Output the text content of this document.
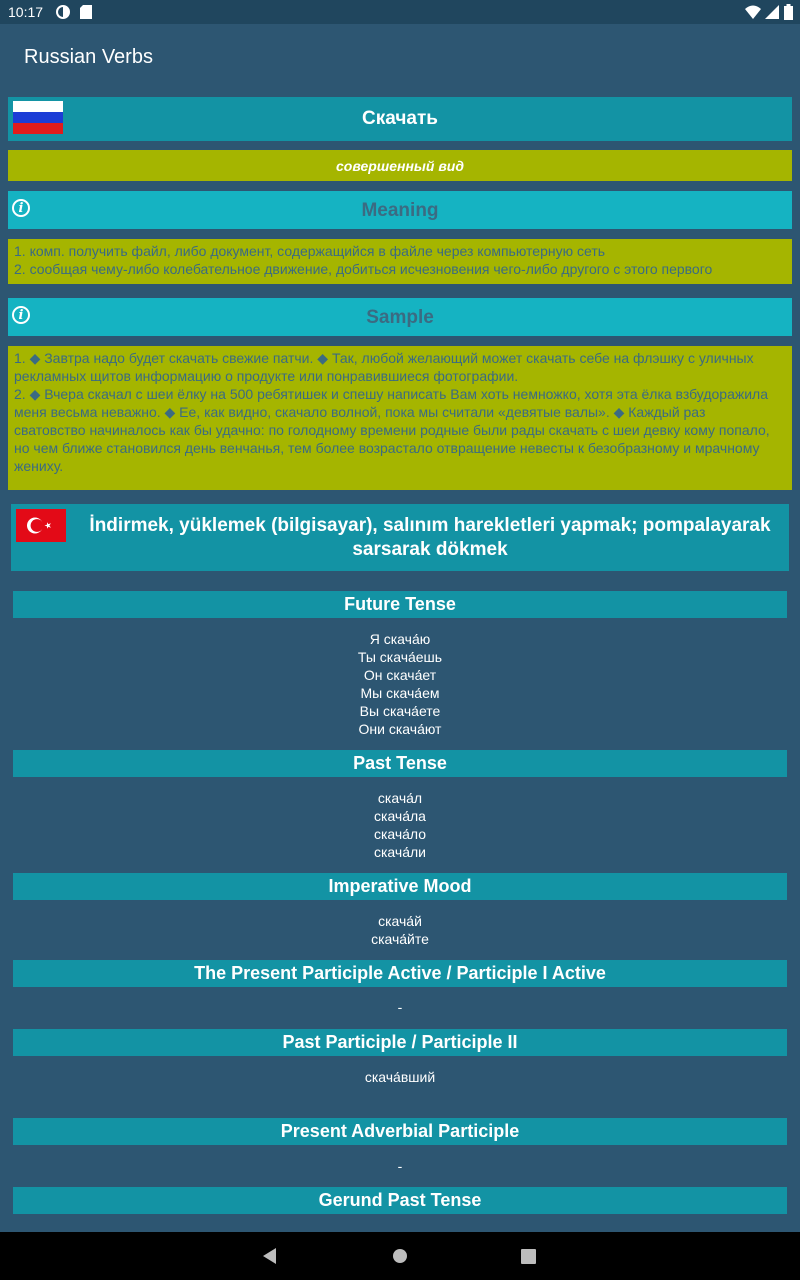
10:17
Russian Verbs
Скачать
совершенный вид
i	Meaning
1. комп. получить файл, либо документ, содержащийся в файле через компьютерную сеть
2. сообщая чему-либо колебательное движение, добиться исчезновения чего-либо другого с этого первого
i	Sample
1. ◆ Завтра надо будет скачать свежие патчи. ◆ Так, любой желающий может скачать себе на флэшку с уличных рекламных щитов информацию о продукте или понравившиеся фотографии.
2. ◆ Вчера скачал с шеи ёлку на 500 ребятишек и спешу написать Вам хоть немножко, хотя эта ёлка взбудоражила меня весьма неважно. ◆ Ее, как видно, скачало волной, пока мы считали «девятые валы». ◆ Каждый раз сватовство начиналось как бы удачно: по голодному времени родные были рады скачать с шеи девку кому попало, но чем ближе становился день венчанья, тем более возрастало отвращение невесты к безобразному и мрачному жениху.
İndirmek, yüklemek (bilgisayar), salınım harekletleri yapmak; pompalayarak sarsarak dökmek
Future Tense
Я скача́ю
Ты скача́ешь
Он скача́ет
Мы скача́ем
Вы скача́ете
Они скача́ют
Past Tense
скача́л
скача́ла
скача́ло
скача́ли
Imperative Mood
скача́й
скача́йте
The Present Participle Active / Participle I Active
-
Past Participle / Participle II
скача́вший
Present Adverbial Participle
-
Gerund Past Tense
